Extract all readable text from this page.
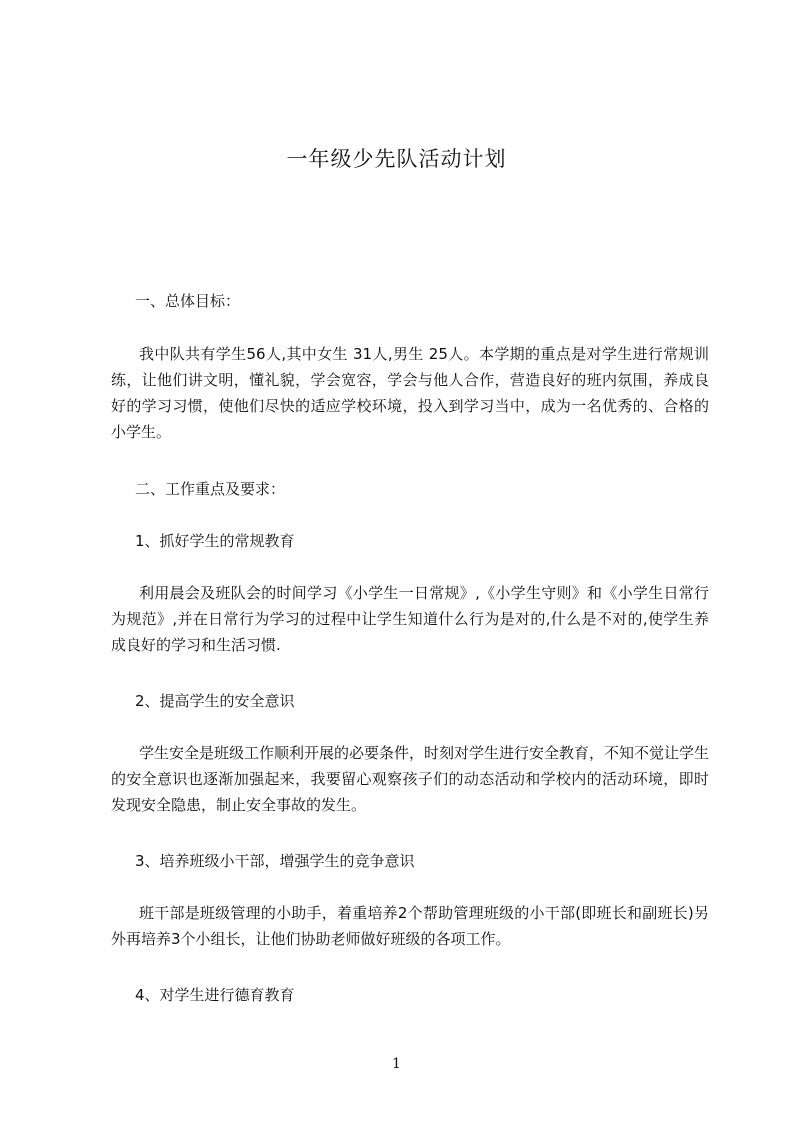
一年级少先队活动计划
一、总体目标：
我中队共有学生56人,其中女生 31人,男生 25人。本学期的重点是对学生进行常规训练，让他们讲文明，懂礼貌，学会宽容，学会与他人合作，营造良好的班内氛围，养成良好的学习习惯，使他们尽快的适应学校环境，投入到学习当中，成为一名优秀的、合格的小学生。
二、工作重点及要求：
1、抓好学生的常规教育
利用晨会及班队会的时间学习《小学生一日常规》,《小学生守则》和《小学生日常行为规范》,并在日常行为学习的过程中让学生知道什么行为是对的,什么是不对的,使学生养成良好的学习和生活习惯.
2、提高学生的安全意识
学生安全是班级工作顺利开展的必要条件，时刻对学生进行安全教育，不知不觉让学生的安全意识也逐渐加强起来，我要留心观察孩子们的动态活动和学校内的活动环境，即时发现安全隐患，制止安全事故的发生。
3、培养班级小干部，增强学生的竞争意识
班干部是班级管理的小助手，着重培养2个帮助管理班级的小干部(即班长和副班长)另外再培养3个小组长，让他们协助老师做好班级的各项工作。
4、对学生进行德育教育
1
